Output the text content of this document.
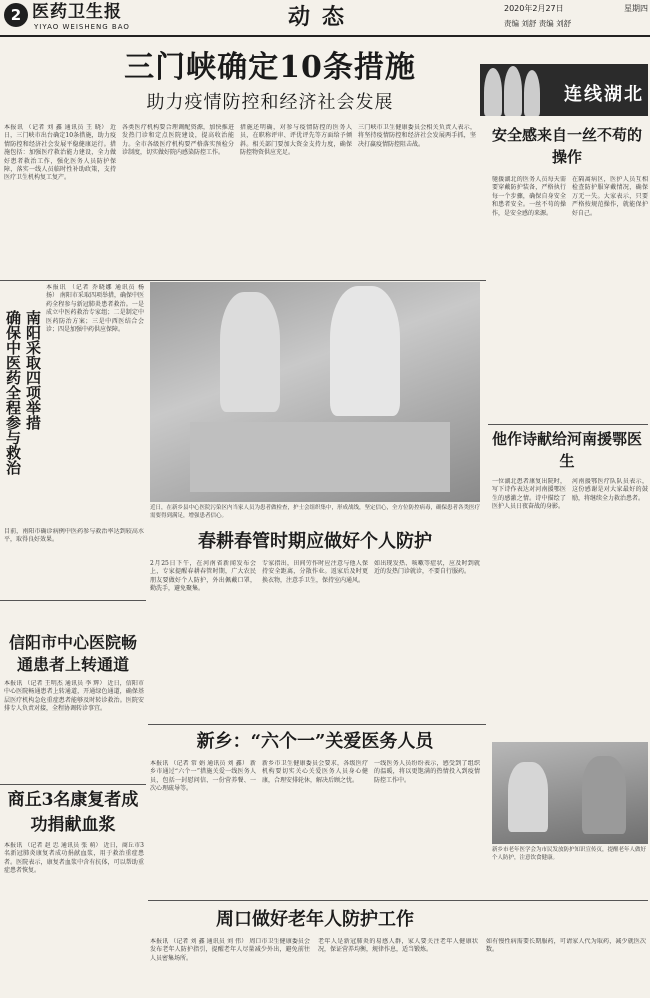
2 医药卫生报
YIYAO WEISHENG BAO	动态	2020年2月27日	星期四
责编 刘舒 责编 刘舒
三门峡确定10条措施
助力疫情防控和经济社会发展
本报讯 （记者 刘 鑫 通讯员 王 晓） 近日，三门峡市出台确定10条措施，助力疫情防控和经济社会发展平稳健康运行。措施包括：加强医疗救治能力建设，全力做好患者救治工作，强化医务人员防护保障，落实一线人员临时性补助政策，支持医疗卫生机构复工复产。
各类医疗机构要合理调配资源，加快推进发热门诊和定点医院建设，提高收治能力。全市各级医疗机构要严格落实预检分诊制度，切实做好院内感染防控工作。
措施还明确，对参与疫情防控的医务人员，在职称评审、评优评先等方面给予倾斜。相关部门要加大资金支持力度，确保防控物资供应充足。
三门峡市卫生健康委员会相关负责人表示，将坚持疫情防控和经济社会发展两手抓，坚决打赢疫情防控阻击战。
连线湖北
安全感来自一丝不苟的操作
驰援湖北的医务人员每天需要穿戴防护装备，严格执行每一个步骤，确保自身安全和患者安全。一丝不苟的操作，是安全感的来源。
在隔离病区，医护人员互相检查防护服穿戴情况，确保万无一失。大家表示，只要严格按规范操作，就能保护好自己。
确保中医药全程参与救治 南阳采取四项举措
本报讯 （记者 乔晓娜 通讯员 杨 扬） 南阳市采取四项举措，确保中医药全程参与新冠肺炎患者救治。一是成立中医药救治专家组；二是制定中医药防治方案；三是中西医结合会诊；四是加强中药供应保障。
目前，南阳市确诊病例中医药参与救治率达到较高水平，取得良好效果。
近日，在新乡县中心医院污染区内当家人员为患者做检查，护士会组织集中，形成战线，坚定信心，全方位防控病毒，确保患者各类医疗需要得到满足，增强患者信心。
他作诗献给河南援鄂医生
一位湖北患者康复出院时，写下诗作表达对河南援鄂医生的感激之情。诗中描绘了医护人员日夜奋战的身影。
河南援鄂医疗队队员表示，这份感谢是对大家最好的鼓励，将继续全力救治患者。
春耕春管时期应做好个人防护
2月25日下午，在河南省新闻发布会上，专家提醒春耕春管时期，广大农民朋友要做好个人防护，外出佩戴口罩，勤洗手，避免聚集。
专家指出，田间劳作时应注意与他人保持安全距离，分散作业。返家后及时更换衣物，注意手卫生，保持室内通风。
如出现发热、咳嗽等症状，应及时到就近的发热门诊就诊，不要自行服药。
信阳市中心医院畅通患者上转通道
本报讯 （记者 王明杰 通讯员 李 辉） 近日，信阳市中心医院畅通患者上转通道，开通绿色通道，确保基层医疗机构急危重症患者能够及时转诊救治。医院安排专人负责对接，全程协调转诊事宜。
新乡：“六个一”关爱医务人员
本报讯 （记者 常 娟 通讯员 刘 鑫） 新乡市通过“六个一”措施关爱一线医务人员，包括一封慰问信、一份营养餐、一次心理疏导等。
新乡市卫生健康委员会要求，各级医疗机构要切实关心关爱医务人员身心健康，合理安排轮休，解决后顾之忧。
一线医务人员纷纷表示，感受到了组织的温暖，将以更饱满的热情投入到疫情防控工作中。
商丘3名康复者成功捐献血浆
本报讯 （记者 赵 忠 通讯员 张 萌） 近日，商丘市3名新冠肺炎康复者成功捐献血浆，用于救治重症患者。医院表示，康复者血浆中含有抗体，可以帮助重症患者恢复。
新乡市老年医学会为市民发放防护知识宣传页，提醒老年人做好个人防护，注意饮食健康。
周口做好老年人防护工作
本报讯 （记者 刘 鑫 通讯员 刘 伟） 周口市卫生健康委员会发布老年人防护指引，提醒老年人尽量减少外出，避免前往人员密集场所。
老年人是新冠肺炎的易感人群，家人要关注老年人健康状况，保证营养均衡，规律作息，适当锻炼。
如有慢性病需要长期服药，可请家人代为取药，减少就医次数。
